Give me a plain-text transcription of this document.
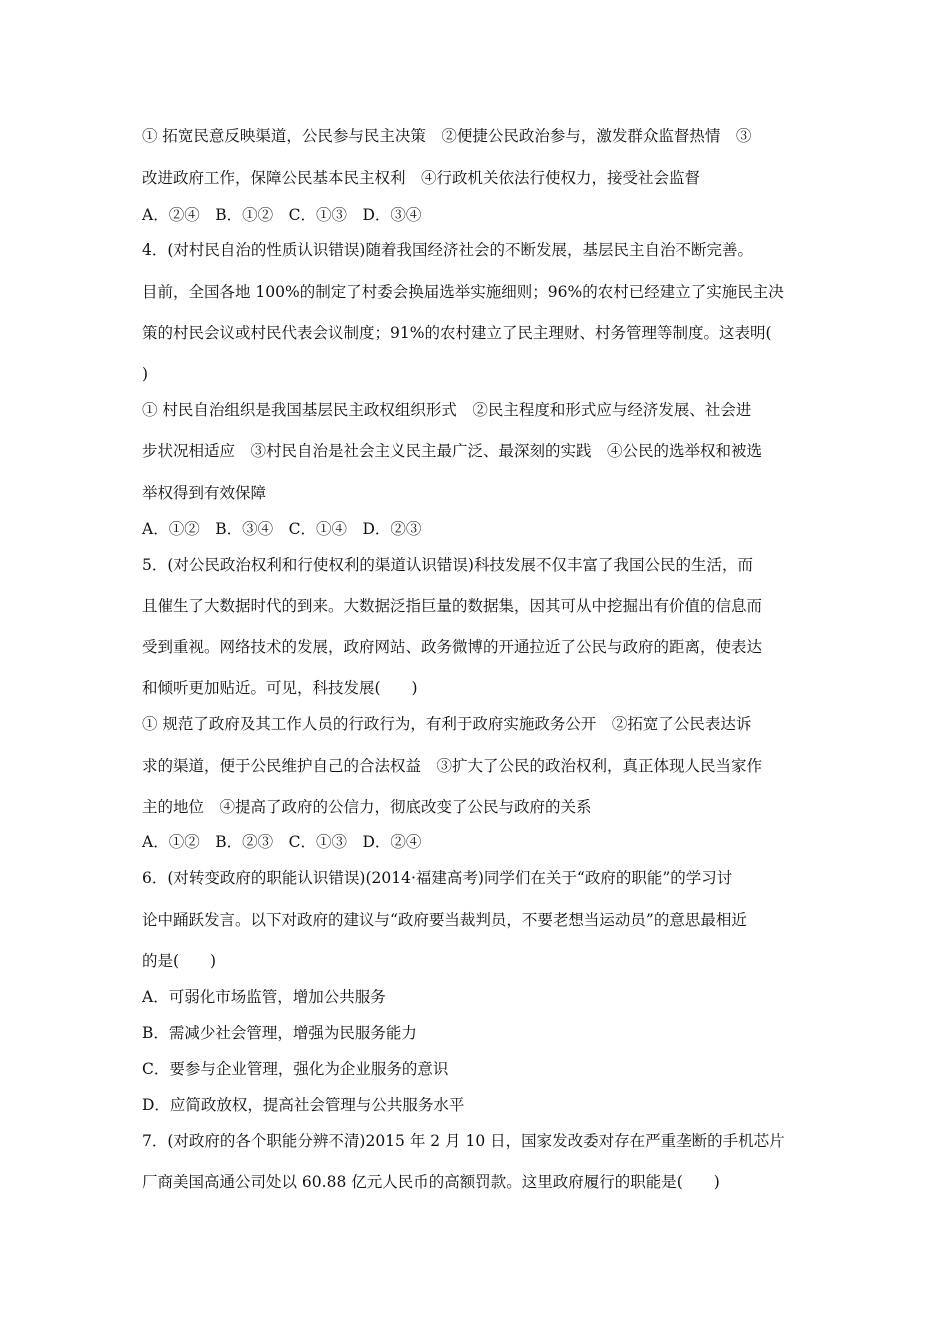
① 拓宽民意反映渠道，公民参与民主决策　②便捷公民政治参与，激发群众监督热情　③
改进政府工作，保障公民基本民主权利　④行政机关依法行使权力，接受社会监督
A．②④　B．①②　C．①③　D．③④
4．(对村民自治的性质认识错误)随着我国经济社会的不断发展，基层民主自治不断完善。
目前，全国各地 100%的制定了村委会换届选举实施细则；96%的农村已经建立了实施民主决
策的村民会议或村民代表会议制度；91%的农村建立了民主理财、村务管理等制度。这表明(
)
① 村民自治组织是我国基层民主政权组织形式　②民主程度和形式应与经济发展、社会进
步状况相适应　③村民自治是社会主义民主最广泛、最深刻的实践　④公民的选举权和被选
举权得到有效保障
A．①②　B．③④　C．①④　D．②③
5．(对公民政治权利和行使权利的渠道认识错误)科技发展不仅丰富了我国公民的生活，而
且催生了大数据时代的到来。大数据泛指巨量的数据集，因其可从中挖掘出有价值的信息而
受到重视。网络技术的发展，政府网站、政务微博的开通拉近了公民与政府的距离，使表达
和倾听更加贴近。可见，科技发展(　　)
① 规范了政府及其工作人员的行政行为，有利于政府实施政务公开　②拓宽了公民表达诉
求的渠道，便于公民维护自己的合法权益　③扩大了公民的政治权利，真正体现人民当家作
主的地位　④提高了政府的公信力，彻底改变了公民与政府的关系
A．①②　B．②③　C．①③　D．②④
6．(对转变政府的职能认识错误)(2014·福建高考)同学们在关于“政府的职能”的学习讨
论中踊跃发言。以下对政府的建议与“政府要当裁判员，不要老想当运动员”的意思最相近
的是(　　)
A．可弱化市场监管，增加公共服务
B．需减少社会管理，增强为民服务能力
C．要参与企业管理，强化为企业服务的意识
D．应简政放权，提高社会管理与公共服务水平
7．(对政府的各个职能分辨不清)2015 年 2 月 10 日，国家发改委对存在严重垄断的手机芯片
厂商美国高通公司处以 60.88 亿元人民币的高额罚款。这里政府履行的职能是(　　)
